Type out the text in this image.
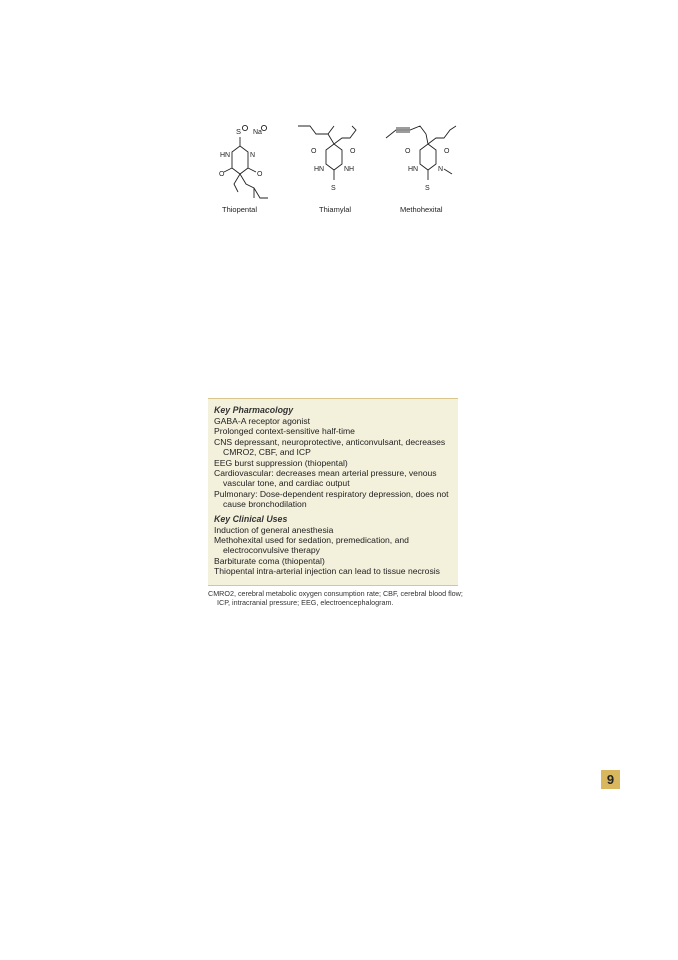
S Na
HN	N
O	O
Thiopental
O	O
HN	NH
S
Thiamylal
O	O
HN	N
S
Methohexital
Key Pharmacology
GABA-A receptor agonist
Prolonged context-sensitive half-time
CNS depressant, neuroprotective, anticonvulsant, decreases CMRO2, CBF, and ICP
EEG burst suppression (thiopental)
Cardiovascular: decreases mean arterial pressure, venous vascular tone, and cardiac output
Pulmonary: Dose-dependent respiratory depression, does not cause bronchodilation
Key Clinical Uses
Induction of general anesthesia
Methohexital used for sedation, premedication, and electroconvulsive therapy
Barbiturate coma (thiopental)
Thiopental intra-arterial injection can lead to tissue necrosis
CMRO2, cerebral metabolic oxygen consumption rate; CBF, cerebral blood flow; ICP, intracranial pressure; EEG, electroencephalogram.
9
